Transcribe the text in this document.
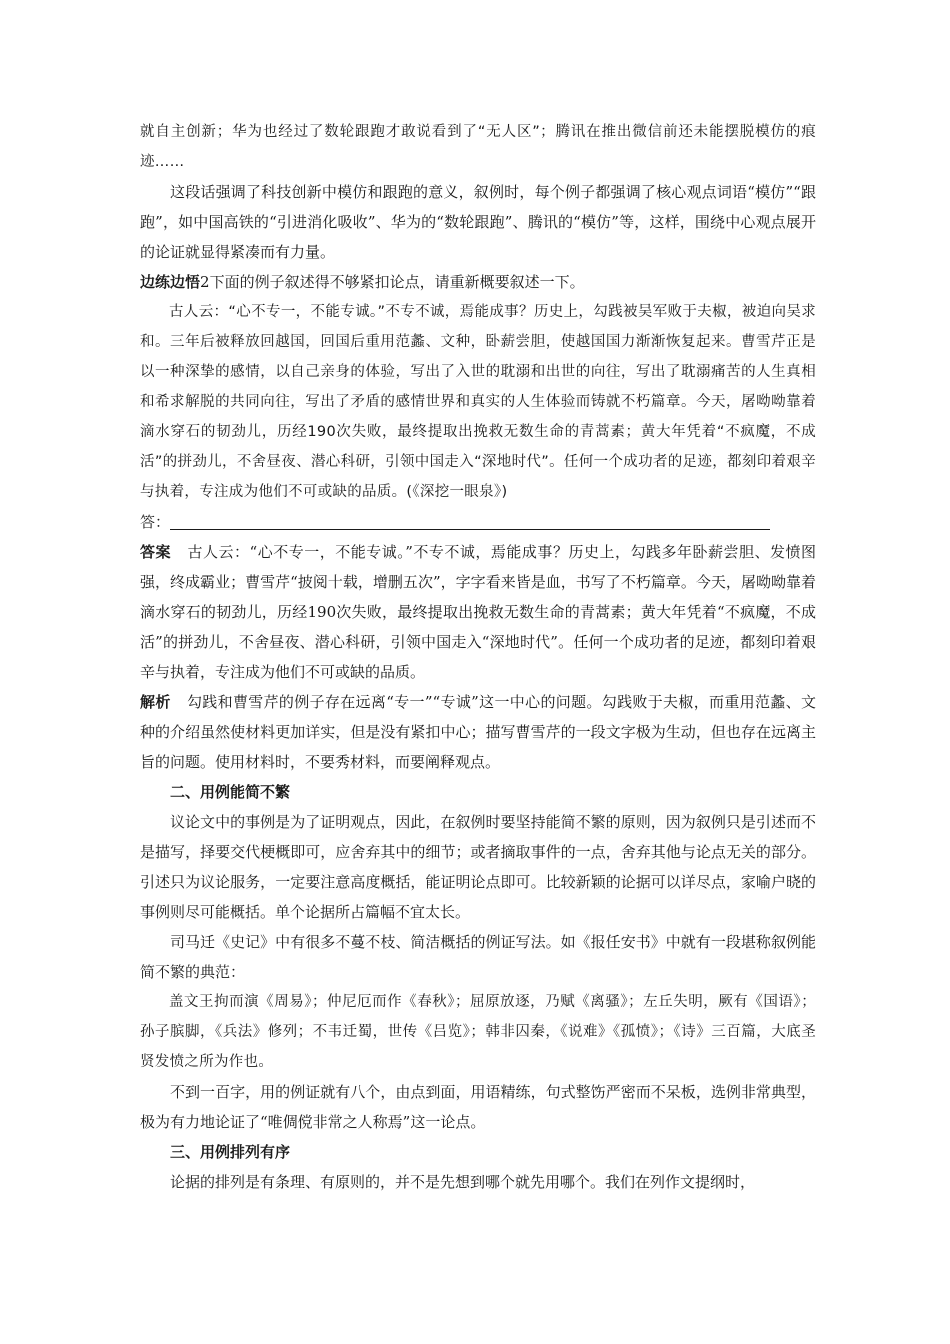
就自主创新；华为也经过了数轮跟跑才敢说看到了“无人区”；腾讯在推出微信前还未能摆脱模仿的痕迹……

这段话强调了科技创新中模仿和跟跑的意义，叙例时，每个例子都强调了核心观点词语“模仿”“跟跑”，如中国高铁的“引进消化吸收”、华为的“数轮跟跑”、腾讯的“模仿”等，这样，围绕中心观点展开的论证就显得紧凑而有力量。

边练边悟2下面的例子叙述得不够紧扣论点，请重新概要叙述一下。

古人云：“心不专一，不能专诚。”不专不诚，焉能成事？历史上，勾践被吴军败于夫椒，被迫向吴求和。三年后被释放回越国，回国后重用范蠡、文种，卧薪尝胆，使越国国力渐渐恢复起来。曹雪芹正是以一种深挚的感情，以自己亲身的体验，写出了入世的耽溺和出世的向往，写出了耽溺痛苦的人生真相和希求解脱的共同向往，写出了矛盾的感情世界和真实的人生体验而铸就不朽篇章。今天，屠呦呦靠着滴水穿石的韧劲儿，历经190次失败，最终提取出挽救无数生命的青蒿素；黄大年凭着“不疯魔，不成活”的拼劲儿，不舍昼夜、潜心科研，引领中国走入“深地时代”。任何一个成功者的足迹，都刻印着艰辛与执着，专注成为他们不可或缺的品质。(《深挖一眼泉》)

答：

答案 古人云：“心不专一，不能专诚。”不专不诚，焉能成事？历史上，勾践多年卧薪尝胆、发愤图强，终成霸业；曹雪芹“披阅十载，增删五次”，字字看来皆是血，书写了不朽篇章。今天，屠呦呦靠着滴水穿石的韧劲儿，历经190次失败，最终提取出挽救无数生命的青蒿素；黄大年凭着“不疯魔，不成活”的拼劲儿，不舍昼夜、潜心科研，引领中国走入“深地时代”。任何一个成功者的足迹，都刻印着艰辛与执着，专注成为他们不可或缺的品质。

解析 勾践和曹雪芹的例子存在远离“专一”“专诚”这一中心的问题。勾践败于夫椒，而重用范蠡、文种的介绍虽然使材料更加详实，但是没有紧扣中心；描写曹雪芹的一段文字极为生动，但也存在远离主旨的问题。使用材料时，不要秀材料，而要阐释观点。

二、用例能简不繁

议论文中的事例是为了证明观点，因此，在叙例时要坚持能简不繁的原则，因为叙例只是引述而不是描写，择要交代梗概即可，应舍弃其中的细节；或者摘取事件的一点，舍弃其他与论点无关的部分。引述只为议论服务，一定要注意高度概括，能证明论点即可。比较新颖的论据可以详尽点，家喻户晓的事例则尽可能概括。单个论据所占篇幅不宜太长。

司马迁《史记》中有很多不蔓不枝、简洁概括的例证写法。如《报任安书》中就有一段堪称叙例能简不繁的典范：

盖文王拘而演《周易》；仲尼厄而作《春秋》；屈原放逐，乃赋《离骚》；左丘失明，厥有《国语》；孙子膑脚，《兵法》修列；不韦迁蜀，世传《吕览》；韩非囚秦，《说难》《孤愤》；《诗》三百篇，大底圣贤发愤之所为作也。

不到一百字，用的例证就有八个，由点到面，用语精练，句式整饬严密而不呆板，选例非常典型，极为有力地论证了“唯倜傥非常之人称焉”这一论点。

三、用例排列有序

论据的排列是有条理、有原则的，并不是先想到哪个就先用哪个。我们在列作文提纲时，
